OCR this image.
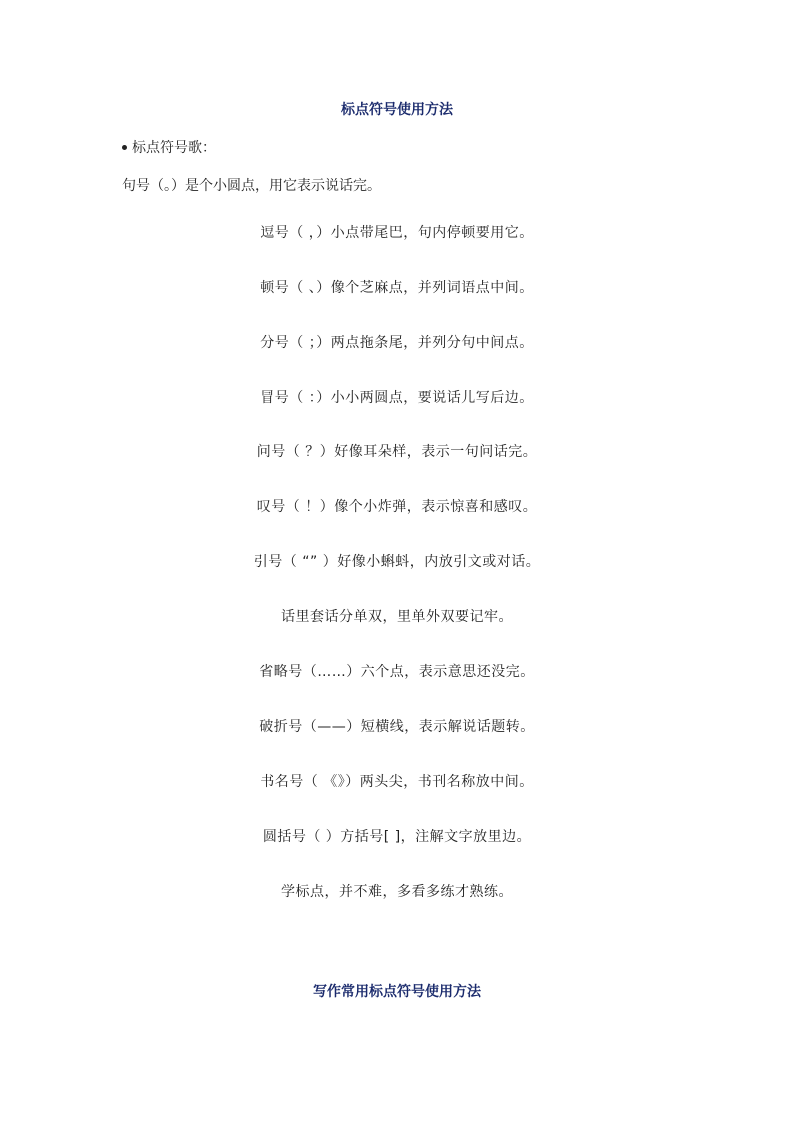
标点符号使用方法
标点符号歌：
句号（。）是个小圆点，用它表示说话完。
逗号（ ，）小点带尾巴，句内停顿要用它。
顿号（ 、）像个芝麻点，并列词语点中间。
分号（ ；）两点拖条尾，并列分句中间点。
冒号（ ：）小小两圆点，要说话儿写后边。
问号（ ？）好像耳朵样，表示一句问话完。
叹号（ ！）像个小炸弹，表示惊喜和感叹。
引号（ “” ）好像小蝌蚪，内放引文或对话。
话里套话分单双，里单外双要记牢。
省略号（……）六个点，表示意思还没完。
破折号（——）短横线，表示解说话题转。
书名号（ 《》）两头尖，书刊名称放中间。
圆括号（ ）方括号[ ]，注解文字放里边。
学标点，并不难，多看多练才熟练。
写作常用标点符号使用方法
